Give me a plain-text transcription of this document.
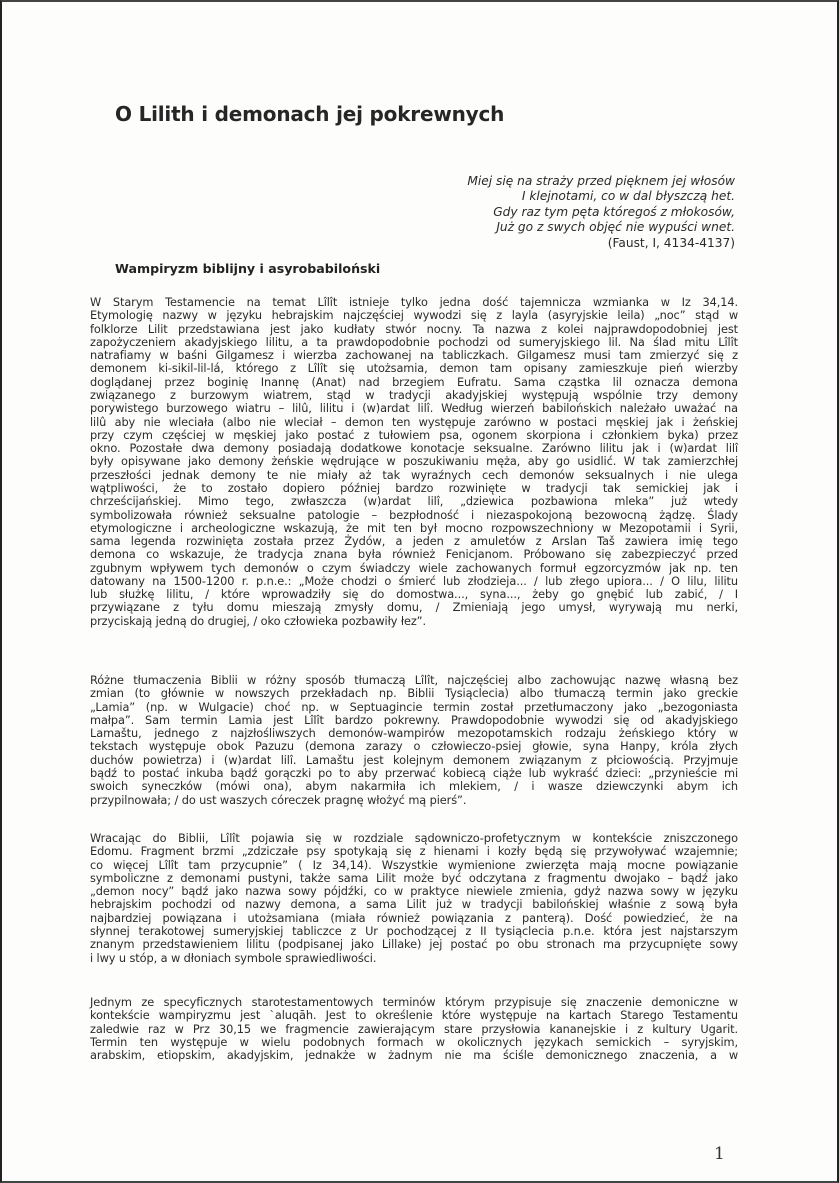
O Lilith i demonach jej pokrewnych
Miej się na straży przed pięknem jej włosów
I klejnotami, co w dal błyszczą het.
Gdy raz tym pęta któregoś z młokosów,
Już go z swych objęć nie wypuści wnet.
(Faust, I, 4134-4137)
Wampiryzm biblijny i asyrobabiloński
W Starym Testamencie na temat Lîlît istnieje tylko jedna dość tajemnicza wzmianka w Iz 34,14.
Etymologię nazwy w języku hebrajskim najczęściej wywodzi się z layla (asyryjskie leila) „noc” stąd w
folklorze Lilit przedstawiana jest jako kudłaty stwór nocny. Ta nazwa z kolei najprawdopodobniej jest
zapożyczeniem akadyjskiego lilitu, a ta prawdopodobnie pochodzi od sumeryjskiego lil. Na ślad mitu Lîlît
natrafiamy w baśni Gilgamesz i wierzba zachowanej na tabliczkach. Gilgamesz musi tam zmierzyć się z
demonem ki-sikil-lil-lá, którego z Lîlît się utożsamia, demon tam opisany zamieszkuje pień wierzby
doglądanej przez boginię Inannę (Anat) nad brzegiem Eufratu. Sama cząstka lil oznacza demona
związanego z burzowym wiatrem, stąd w tradycji akadyjskiej występują wspólnie trzy demony
porywistego burzowego wiatru – lilû, lilitu i (w)ardat lilî. Według wierzeń babilońskich należało uważać na
lilû aby nie wleciała (albo nie wleciał – demon ten występuje zarówno w postaci męskiej jak i żeńskiej
przy czym częściej w męskiej jako postać z tułowiem psa, ogonem skorpiona i członkiem byka) przez
okno. Pozostałe dwa demony posiadają dodatkowe konotacje seksualne. Zarówno lilitu jak i (w)ardat lilî
były opisywane jako demony żeńskie wędrujące w poszukiwaniu męża, aby go usidlić. W tak zamierzchłej
przeszłości jednak demony te nie miały aż tak wyraźnych cech demonów seksualnych i nie ulega
wątpliwości, że to zostało dopiero później bardzo rozwinięte w tradycji tak semickiej jak i
chrześcijańskiej. Mimo tego, zwłaszcza (w)ardat lilî, „dziewica pozbawiona mleka” już wtedy
symbolizowała również seksualne patologie – bezpłodność i niezaspokojoną bezowocną żądzę. Ślady
etymologiczne i archeologiczne wskazują, że mit ten był mocno rozpowszechniony w Mezopotamii i Syrii,
sama legenda rozwinięta została przez Żydów, a jeden z amuletów z Arslan Taš zawiera imię tego
demona co wskazuje, że tradycja znana była również Fenicjanom. Próbowano się zabezpieczyć przed
zgubnym wpływem tych demonów o czym świadczy wiele zachowanych formuł egzorcyzmów jak np. ten
datowany na 1500-1200 r. p.n.e.: „Może chodzi o śmierć lub złodzieja... / lub złego upiora... / O lilu, lilitu
lub służkę lilitu, / które wprowadziły się do domostwa..., syna..., żeby go gnębić lub zabić, / I
przywiązane z tyłu domu mieszają zmysły domu, / Zmieniają jego umysł, wyrywają mu nerki,
przyciskają jedną do drugiej, / oko człowieka pozbawiły łez”.
Różne tłumaczenia Biblii w różny sposób tłumaczą Lîlît, najczęściej albo zachowując nazwę własną bez
zmian (to głównie w nowszych przekładach np. Biblii Tysiąclecia) albo tłumaczą termin jako greckie
„Lamia” (np. w Wulgacie) choć np. w Septuagincie termin został przetłumaczony jako „bezogoniasta
małpa”. Sam termin Lamia jest Lîlît bardzo pokrewny. Prawdopodobnie wywodzi się od akadyjskiego
Lamaštu, jednego z najzłośliwszych demonów-wampirów mezopotamskich rodzaju żeńskiego który w
tekstach występuje obok Pazuzu (demona zarazy o człowieczo-psiej głowie, syna Hanpy, króla złych
duchów powietrza) i (w)ardat lilî. Lamaštu jest kolejnym demonem związanym z płciowością. Przyjmuje
bądź to postać inkuba bądź gorączki po to aby przerwać kobiecą ciąże lub wykraść dzieci: „przynieście mi
swoich syneczków (mówi ona), abym nakarmiła ich mlekiem, / i wasze dziewczynki abym ich
przypilnowała; / do ust waszych córeczek pragnę włożyć mą pierś”.
Wracając do Biblii, Lîlît pojawia się w rozdziale sądowniczo-profetycznym w kontekście zniszczonego
Edomu. Fragment brzmi „zdziczałe psy spotykają się z hienami i kozły będą się przywoływać wzajemnie;
co więcej Lîlît tam przycupnie” ( Iz 34,14). Wszystkie wymienione zwierzęta mają mocne powiązanie
symboliczne z demonami pustyni, także sama Lilit może być odczytana z fragmentu dwojako – bądź jako
„demon nocy” bądź jako nazwa sowy pójdźki, co w praktyce niewiele zmienia, gdyż nazwa sowy w języku
hebrajskim pochodzi od nazwy demona, a sama Lilit już w tradycji babilońskiej właśnie z sową była
najbardziej powiązana i utożsamiana (miała również powiązania z panterą). Dość powiedzieć, że na
słynnej terakotowej sumeryjskiej tabliczce z Ur pochodzącej z II tysiąclecia p.n.e. która jest najstarszym
znanym przedstawieniem lilitu (podpisanej jako Lillake) jej postać po obu stronach ma przycupnięte sowy
i lwy u stóp, a w dłoniach symbole sprawiedliwości.
Jednym ze specyficznych starotestamentowych terminów którym przypisuje się znaczenie demoniczne w
kontekście wampiryzmu jest `aluqāh. Jest to określenie które występuje na kartach Starego Testamentu
zaledwie raz w Prz 30,15 we fragmencie zawierającym stare przysłowia kananejskie i z kultury Ugarit.
Termin ten występuje w wielu podobnych formach w okolicznych językach semickich – syryjskim,
arabskim, etiopskim, akadyjskim, jednakże w żadnym nie ma ściśle demonicznego znaczenia, a w
1
